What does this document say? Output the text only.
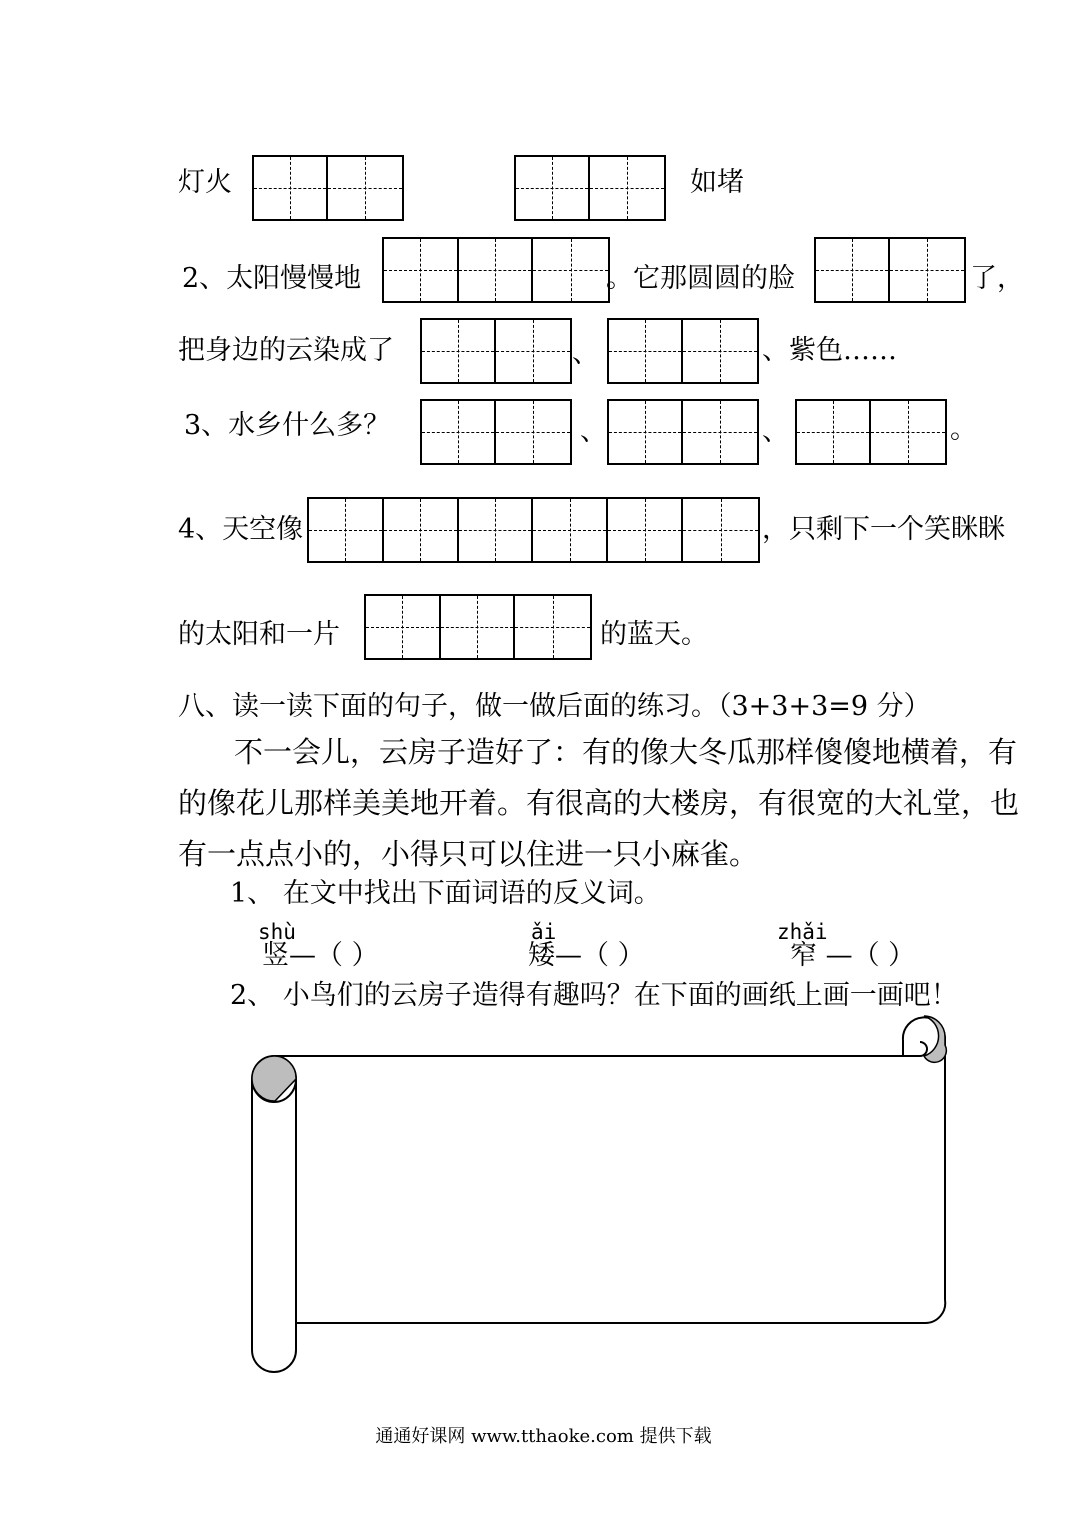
灯火	如堵
2、太阳慢慢地	。它那圆圆的脸	了，
把身边的云染成了	、	、紫色……
3、水乡什么多？	、	、	。
4、天空像	，只剩下一个笑眯眯
的太阳和一片	的蓝天。
八、读一读下面的句子，做一做后面的练习。（3+3+3=9 分）
不一会儿，云房子造好了：有的像大冬瓜那样傻傻地横着，有
的像花儿那样美美地开着。有很高的大楼房，有很宽的大礼堂，也
有一点点小的，小得只可以住进一只小麻雀。
1、 在文中找出下面词语的反义词。
shù
竖—（ ）
ǎi
矮—（ ）
zhǎi
窄 —（ ）
2、 小鸟们的云房子造得有趣吗？在下面的画纸上画一画吧！
通通好课网 www.tthaoke.com 提供下载
